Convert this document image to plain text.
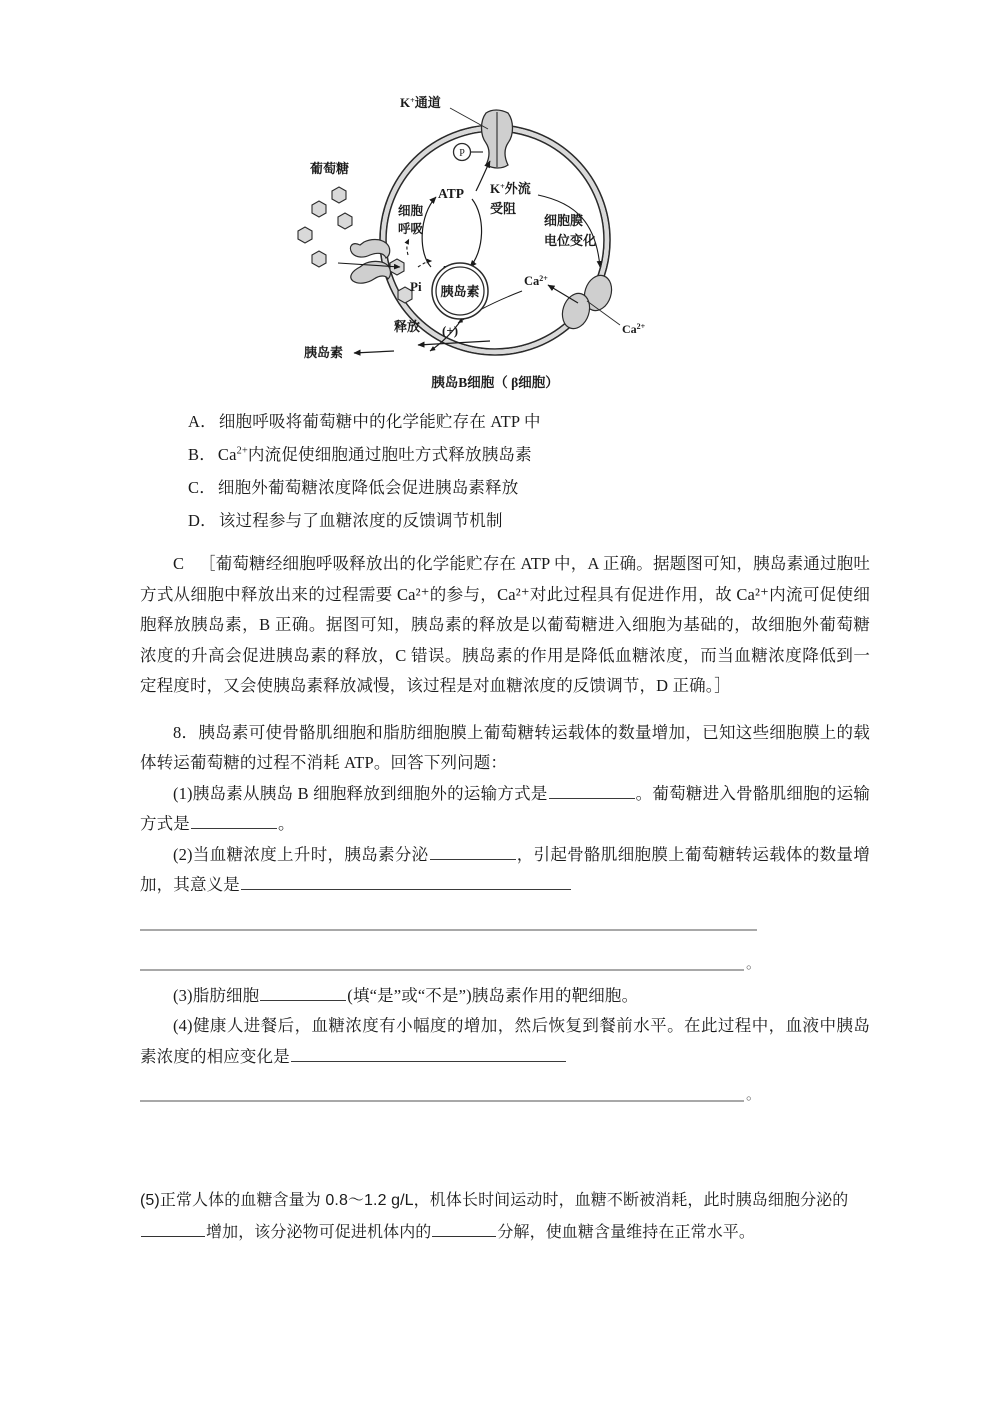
P
K+通道
葡萄糖
细胞
呼吸
Pi
ATP K+外流
受阻
细胞膜
电位变化
$Ca^{2+}$
$Ca^{2+}$
胰岛素
释放 (+)
胰岛素
胰岛B细胞（ β细胞）
A． 细胞呼吸将葡萄糖中的化学能贮存在 ATP 中
B． $Ca^{2+}$内流促使细胞通过胞吐方式释放胰岛素
C． 细胞外葡萄糖浓度降低会促进胰岛素释放
D． 该过程参与了血糖浓度的反馈调节机制
C ［葡萄糖经细胞呼吸释放出的化学能贮存在 ATP 中，A 正确。据题图可知，胰岛素通过胞吐方式从细胞中释放出来的过程需要 Ca²⁺的参与，Ca²⁺对此过程具有促进作用，故 Ca²⁺内流可促使细胞释放胰岛素，B 正确。据图可知，胰岛素的释放是以葡萄糖进入细胞为基础的，故细胞外葡萄糖浓度的升高会促进胰岛素的释放，C 错误。胰岛素的作用是降低血糖浓度，而当血糖浓度降低到一定程度时，又会使胰岛素释放减慢，该过程是对血糖浓度的反馈调节，D 正确。］
8．胰岛素可使骨骼肌细胞和脂肪细胞膜上葡萄糖转运载体的数量增加，已知这些细胞膜上的载体转运葡萄糖的过程不消耗 ATP。回答下列问题：
(1)胰岛素从胰岛 B 细胞释放到细胞外的运输方式是	。葡萄糖进入骨骼肌细胞的运输方式是	。
(2)当血糖浓度上升时，胰岛素分泌	，引起骨骼肌细胞膜上葡萄糖转运载体的数量增加，其意义是
。
(3)脂肪细胞	(填“是”或“不是”)胰岛素作用的靶细胞。
(4)健康人进餐后，血糖浓度有小幅度的增加，然后恢复到餐前水平。在此过程中，血液中胰岛素浓度的相应变化是
。
(5)正常人体的血糖含量为 0.8～1.2 g/L，机体长时间运动时，血糖不断被消耗，此时胰岛细胞分泌的增加，该分泌物可促进机体内的	分解，使血糖含量维持在正常水平。
